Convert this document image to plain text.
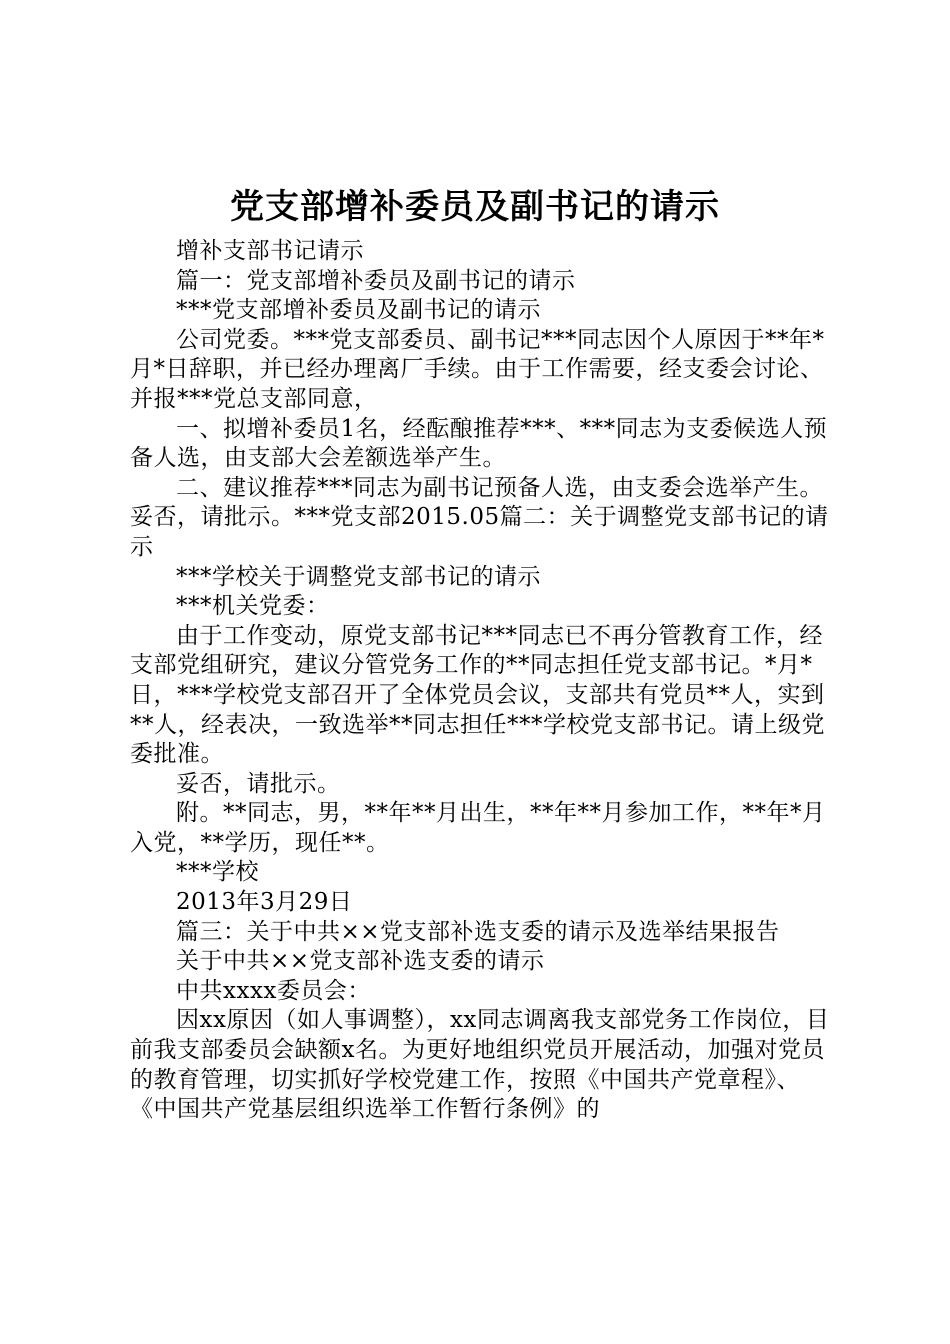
党支部增补委员及副书记的请示

增补支部书记请示

篇一：党支部增补委员及副书记的请示

***党支部增补委员及副书记的请示

公司党委。***党支部委员、副书记***同志因个人原因于**年*月*日辞职，并已经办理离厂手续。由于工作需要，经支委会讨论、并报***党总支部同意，

一、拟增补委员1名，经酝酿推荐***、***同志为支委候选人预备人选，由支部大会差额选举产生。

二、建议推荐***同志为副书记预备人选，由支委会选举产生。妥否，请批示。***党支部2015.05篇二：关于调整党支部书记的请示

***学校关于调整党支部书记的请示

***机关党委：

由于工作变动，原党支部书记***同志已不再分管教育工作，经支部党组研究，建议分管党务工作的**同志担任党支部书记。*月*日，***学校党支部召开了全体党员会议，支部共有党员**人，实到**人，经表决，一致选举**同志担任***学校党支部书记。请上级党委批准。

妥否，请批示。

附。**同志，男，**年**月出生，**年**月参加工作，**年*月入党，**学历，现任**。

***学校

2013年3月29日

篇三：关于中共××党支部补选支委的请示及选举结果报告

关于中共××党支部补选支委的请示

中共xxxx委员会：

因xx原因（如人事调整），xx同志调离我支部党务工作岗位，目前我支部委员会缺额x名。为更好地组织党员开展活动，加强对党员的教育管理，切实抓好学校党建工作，按照《中国共产党章程》、《中国共产党基层组织选举工作暂行条例》的
